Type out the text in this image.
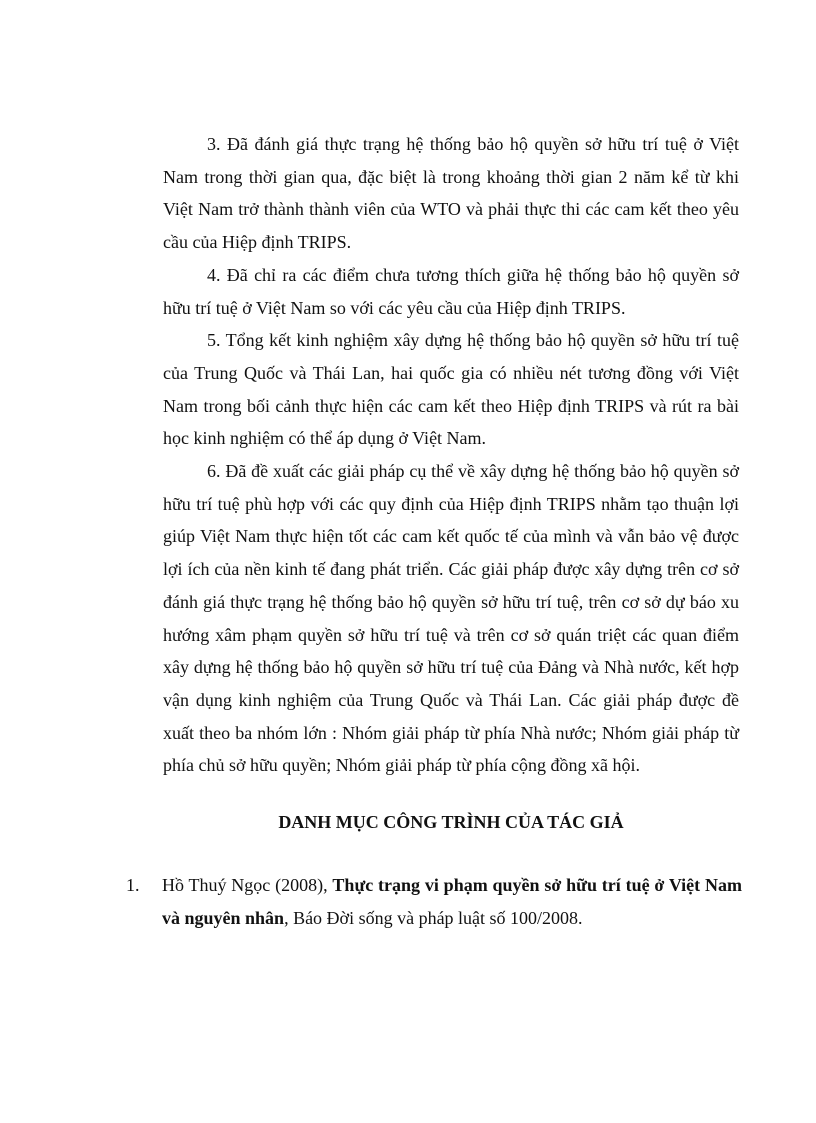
3. Đã đánh giá thực trạng hệ thống bảo hộ quyền sở hữu trí tuệ ở Việt Nam trong thời gian qua, đặc biệt là trong khoảng thời gian 2 năm kể từ khi Việt Nam trở thành thành viên của WTO và phải thực thi các cam kết theo yêu cầu của Hiệp định TRIPS.

4. Đã chỉ ra các điểm chưa tương thích giữa hệ thống bảo hộ quyền sở hữu trí tuệ ở Việt Nam so với các yêu cầu của Hiệp định TRIPS.

5. Tổng kết kinh nghiệm xây dựng hệ thống bảo hộ quyền sở hữu trí tuệ của Trung Quốc và Thái Lan, hai quốc gia có nhiều nét tương đồng với Việt Nam trong bối cảnh thực hiện các cam kết theo Hiệp định TRIPS và rút ra bài học kinh nghiệm có thể áp dụng ở Việt Nam.

6. Đã đề xuất các giải pháp cụ thể về xây dựng hệ thống bảo hộ quyền sở hữu trí tuệ phù hợp với các quy định của Hiệp định TRIPS nhằm tạo thuận lợi giúp Việt Nam thực hiện tốt các cam kết quốc tế của mình và vẫn bảo vệ được lợi ích của nền kinh tế đang phát triển. Các giải pháp được xây dựng trên cơ sở đánh giá thực trạng hệ thống bảo hộ quyền sở hữu trí tuệ, trên cơ sở dự báo xu hướng xâm phạm quyền sở hữu trí tuệ và trên cơ sở quán triệt các quan điểm xây dựng hệ thống bảo hộ quyền sở hữu trí tuệ của Đảng và Nhà nước, kết hợp vận dụng kinh nghiệm của Trung Quốc và Thái Lan. Các giải pháp được đề xuất theo ba nhóm lớn : Nhóm giải pháp từ phía Nhà nước; Nhóm giải pháp từ phía chủ sở hữu quyền; Nhóm giải pháp từ phía cộng đồng xã hội.

DANH MỤC CÔNG TRÌNH CỦA TÁC GIẢ
1. Hồ Thuý Ngọc (2008), Thực trạng vi phạm quyền sở hữu trí tuệ ở Việt Nam và nguyên nhân, Báo Đời sống và pháp luật số 100/2008.
